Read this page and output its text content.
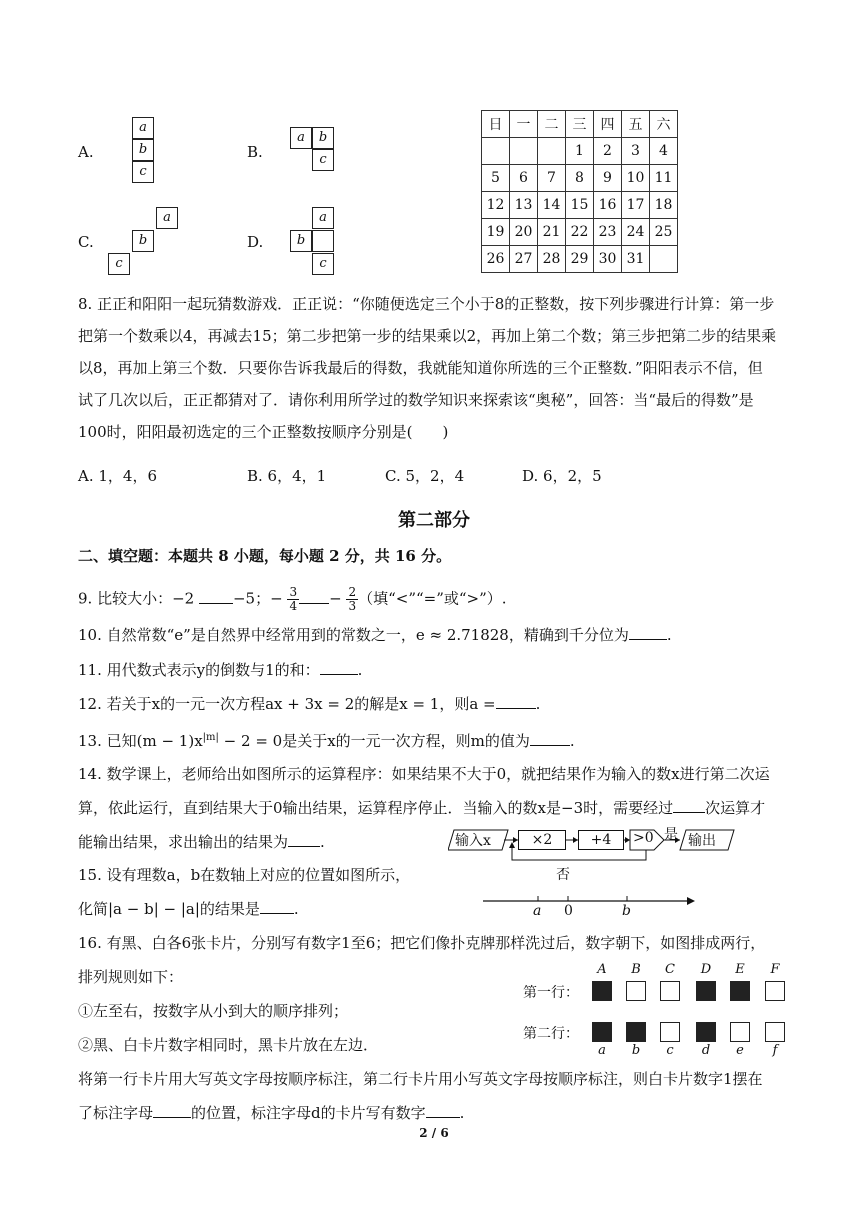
A.
a
b
c
B.
a	b
c
C.
a
b
c
D.
a
b
c
日	一	二	三	四	五	六
			1	2	3	4
5	6	7	8	9	10	11
12	13	14	15	16	17	18
19	20	21	22	23	24	25
26	27	28	29	30	31	
8. 正正和阳阳一起玩猜数游戏．正正说：“你随便选定三个小于8的正整数，按下列步骤进行计算：第一步
把第一个数乘以4，再减去15；第二步把第一步的结果乘以2，再加上第二个数；第三步把第二步的结果乘
以8，再加上第三个数．只要你告诉我最后的得数，我就能知道你所选的三个正整数．”阳阳表示不信，但
试了几次以后，正正都猜对了．请你利用所学过的数学知识来探索该“奥秘”，回答：当“最后的得数”是
100时，阳阳最初选定的三个正整数按顺序分别是(　　)
A. 1，4，6	B. 6，4，1	C. 5，2，4	D. 6，2，5
第二部分
二、填空题：本题共 8 小题，每小题 2 分，共 16 分。
9. 比较大小：−2 −5；− $\frac{3}{4} - \frac{2}{3}$ （填“<”“=”或“>”）.
10. 自然常数“e”是自然界中经常用到的常数之一，e ≈ 2.71828，精确到千分位为	.
11. 用代数式表示y的倒数与1的和：	.
12. 若关于x的一元一次方程ax + 3x = 2的解是x = 1，则a =	.
13. 已知$(m - 1)x^{|m|} - 2 = 0$是关于x的一元一次方程，则m的值为	.
14. 数学课上，老师给出如图所示的运算程序：如果结果不大于0，就把结果作为输入的数x进行第二次运
算，依此运行，直到结果大于0输出结果，运算程序停止．当输入的数x是−3时，需要经过 次运算才
能输出结果，求出输出的结果为 .	输入x	×2	+4	>0 是 输出
否
15. 设有理数a，b在数轴上对应的位置如图所示，
化简|a − b| − |a|的结果是 .	a 0	b
16. 有黑、白各6张卡片，分别写有数字1至6；把它们像扑克牌那样洗过后，数字朝下，如图排成两行，
排列规则如下：
①左至右，按数字从小到大的顺序排列；
②黑、白卡片数字相同时，黑卡片放在左边．
将第一行卡片用大写英文字母按顺序标注，第二行卡片用小写英文字母按顺序标注，则白卡片数字1摆在
了标注字母	的位置，标注字母d的卡片写有数字 .
第一行：
第二行：
A
a
B
b
C
c
D
d
E
e
F
f
2 / 6
